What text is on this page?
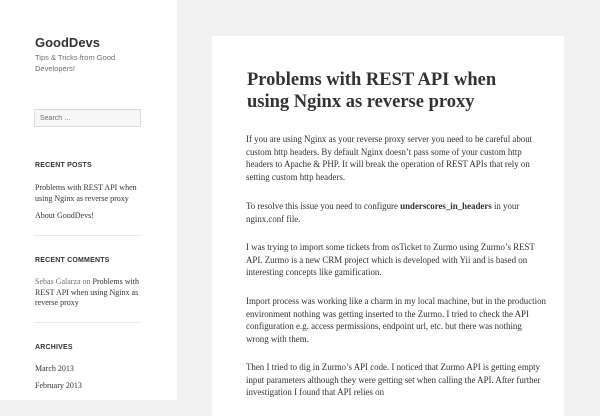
GoodDevs

Tips & Tricks from Good Developers!

Search …
RECENT POSTS
Problems with REST API when using Nginx as reverse proxy
About GoodDevs!
RECENT COMMENTS

Sebas Galarza on Problems with REST API when using Nginx as reverse proxy

ARCHIVES
March 2013
February 2013
Problems with REST API when using Nginx as reverse proxy

If you are using Nginx as your reverse proxy server you need to be careful about custom http headers. By default Nginx doesn’t pass some of your custom http headers to Apache & PHP. It will break the operation of REST APIs that rely on setting custom http headers.

To resolve this issue you need to configure underscores_in_headers in your nginx.conf file.

I was trying to import some tickets from osTicket to Zurmo using Zurmo’s REST API. Zurmo is a new CRM project which is developed with Yii and is based on interesting concepts like gamification.

Import process was working like a charm in my local machine, but in the production environment nothing was getting inserted to the Zurmo. I tried to check the API configuration e.g. access permissions, endpoint url, etc. but there was nothing wrong with them.

Then I tried to dig in Zurmo’s API code. I noticed that Zurmo API is getting empty input parameters although they were getting set when calling the API. After further investigation I found that API relies on
